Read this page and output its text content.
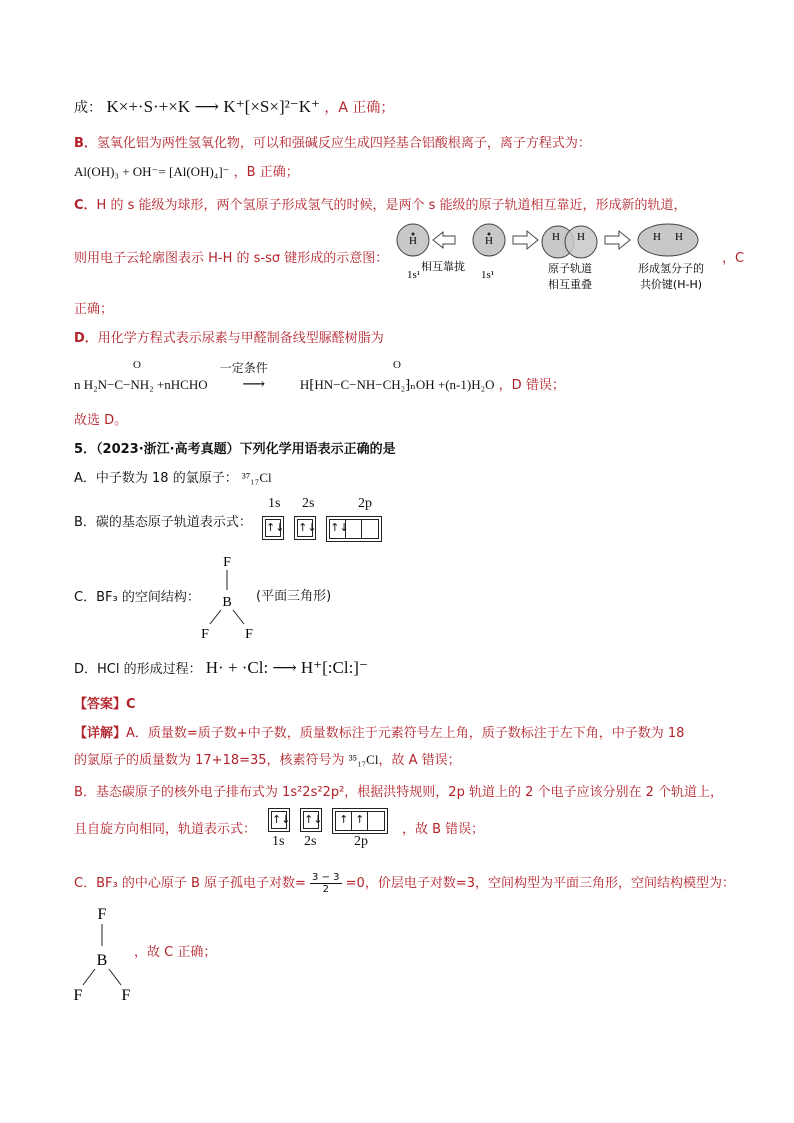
成： K×+·S·+×K ⟶ K⁺[×S×]²⁻K⁺ ，A 正确；
B．氢氧化铝为两性氢氧化物，可以和强碱反应生成四羟基合铝酸根离子，离子方程式为：
Al(OH)₃ + OH⁻= [Al(OH)₄]⁻ ，B 正确；
C．H 的 s 能级为球形，两个氢原子形成氢气的时候，是两个 s 能级的原子轨道相互靠近，形成新的轨道，
则用电子云轮廓图表示 H-H 的 s-sσ 键形成的示意图：
H
1s¹
相互靠拢
H
1s¹
H H
原子轨道
相互重叠
H H
形成氢分子的
共价键(H-H)
，C
正确；
D．用化学方程式表示尿素与甲醛制备线型脲醛树脂为
O	O
n H₂N−C−NH₂ +nHCHO
一定条件
⟶	H⁅HN−C−NH−CH₂⁆ₙOH +(n-1)H₂O ，D 错误；
故选 D。
5．（2023·浙江·高考真题）下列化学用语表示正确的是
A．中子数为 18 的氯原子： ³⁷₁₇Cl
B．碳的基态原子轨道表示式：
1s 2s	2p
↑↓
↑↓
↑↓
F
B
F	F
C．BF₃ 的空间结构：	(平面三角形)
D．HCl 的形成过程： H· + ·Cl: ⟶ H⁺[:Cl:]⁻
【答案】C
【详解】A．质量数=质子数+中子数，质量数标注于元素符号左上角，质子数标注于左下角，中子数为 18
的氯原子的质量数为 17+18=35，核素符号为 ³⁵₁₇Cl，故 A 错误；
B．基态碳原子的核外电子排布式为 1s²2s²2p²，根据洪特规则，2p 轨道上的 2 个电子应该分别在 2 个轨道上，
且自旋方向相同，轨道表示式：
↑↓
↑↓
↑ ↑
1s 2s	2p
，故 B 错误；
C．BF₃ 的中心原子 B 原子孤电子对数= $\frac{3 - 3}{2} =0$，价层电子对数=3，空间构型为平面三角形，空间结构模型为：
F
B
F F
，故 C 正确；
